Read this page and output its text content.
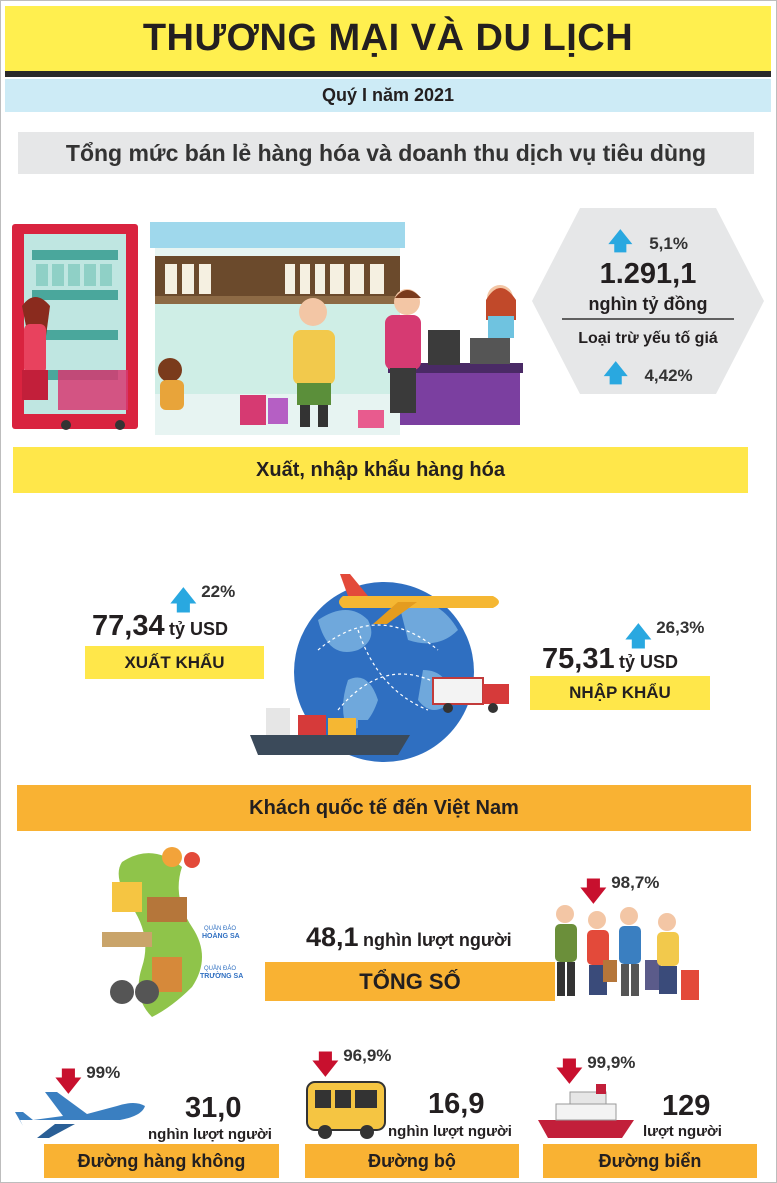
THƯƠNG MẠI VÀ DU LỊCH
Quý I năm 2021
Tổng mức bán lẻ hàng hóa và doanh thu dịch vụ tiêu dùng
🡅 5,1%
1.291,1
nghìn tỷ đồng
Loại trừ yếu tố giá
🡅 4,42%
Xuất, nhập khẩu hàng hóa
🡅 22%
77,34 tỷ USD
XUẤT KHẨU
🡅 26,3%
75,31 tỷ USD
NHẬP KHẨU
Khách quốc tế đến Việt Nam
QUẦN ĐẢO
HOÀNG SA
QUẦN ĐẢO
TRƯỜNG SA
🡇 98,7%
48,1 nghìn lượt người
TỔNG SỐ
🡇 99%
31,0
nghìn lượt người
Đường hàng không
🡇 96,9%
16,9
nghìn lượt người
Đường bộ
🡇 99,9%
129
lượt người
Đường biển
